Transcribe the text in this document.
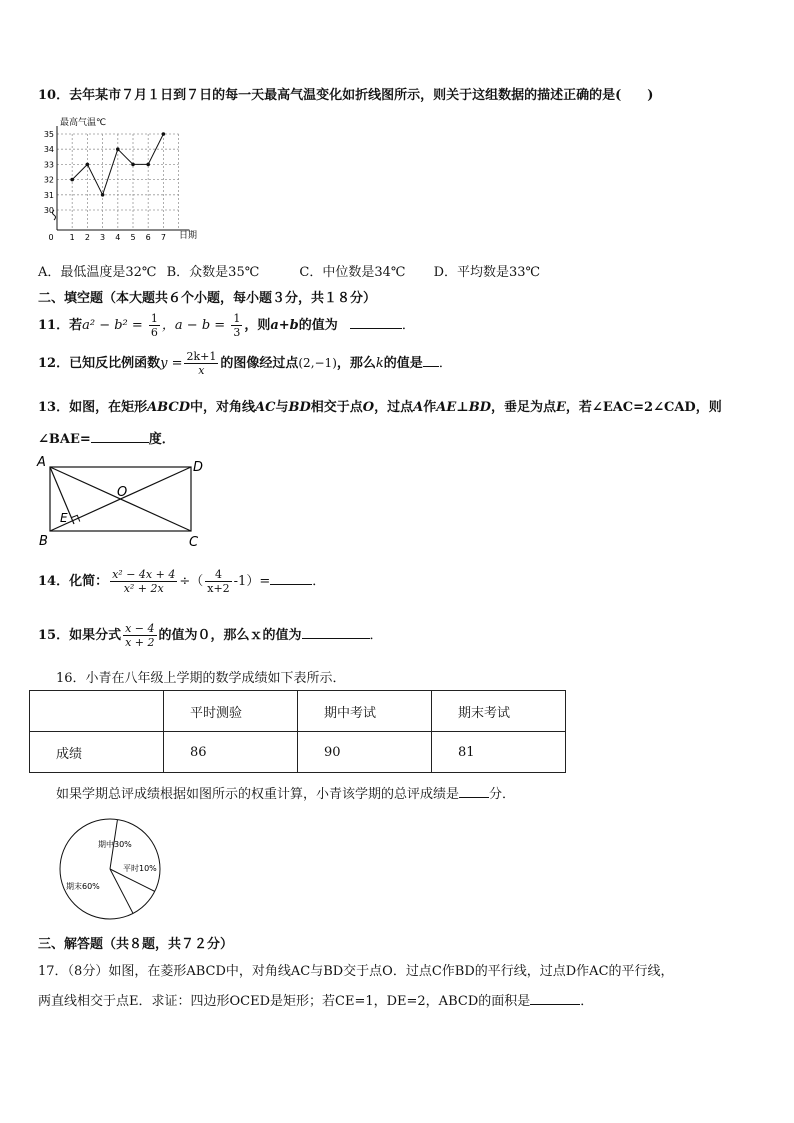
10．去年某市７月１日到７日的每一天最高气温变化如折线图所示，则关于这组数据的描述正确的是(　　)
最高气温℃
日期
30
31
32
33
34
35
0 1 2 3 4 5 6 7
A．最低温度是32℃ B．众数是35℃	C．中位数是34℃ D．平均数是33℃
二、填空题（本大题共６个小题，每小题３分，共１８分）
11．若$a^2 - b^2 = \frac{1}{6}$ ，$a - b = \frac{1}{3}$ ，则a+b的值为	．
12．已知反比例函数$y = \frac{2k+1}{x}$ 的图像经过点(2,−1)，那么k的值是 ．
13．如图，在矩形ABCD中，对角线AC与BD相交于点O，过点A作AE⊥BD，垂足为点E，若∠EAC=2∠CAD，则
∠BAE=	度．
A	D
B	C
O
E
14．化简： $\frac{\text{x² − 4x + 4}}{\text{x² + 2x}}$ ÷（ $\frac{4}{x+2} -1)=$	．
15．如果分式 $\frac{x - 4}{x + 2}$ 的值为０，那么ｘ的值为	．
16．小青在八年级上学期的数学成绩如下表所示．
	平时测验	期中考试	期末考试
成绩	86	90	81
如果学期总评成绩根据如图所示的权重计算，小青该学期的总评成绩是 分．
期中30%
平时10%
期末60%
三、解答题（共８题，共７２分）
17．（8分）如图，在菱形ABCD中，对角线AC与BD交于点O．过点C作BD的平行线，过点D作AC的平行线，
两直线相交于点E．求证：四边形OCED是矩形；若CE=1，DE=2，ABCD的面积是	．
